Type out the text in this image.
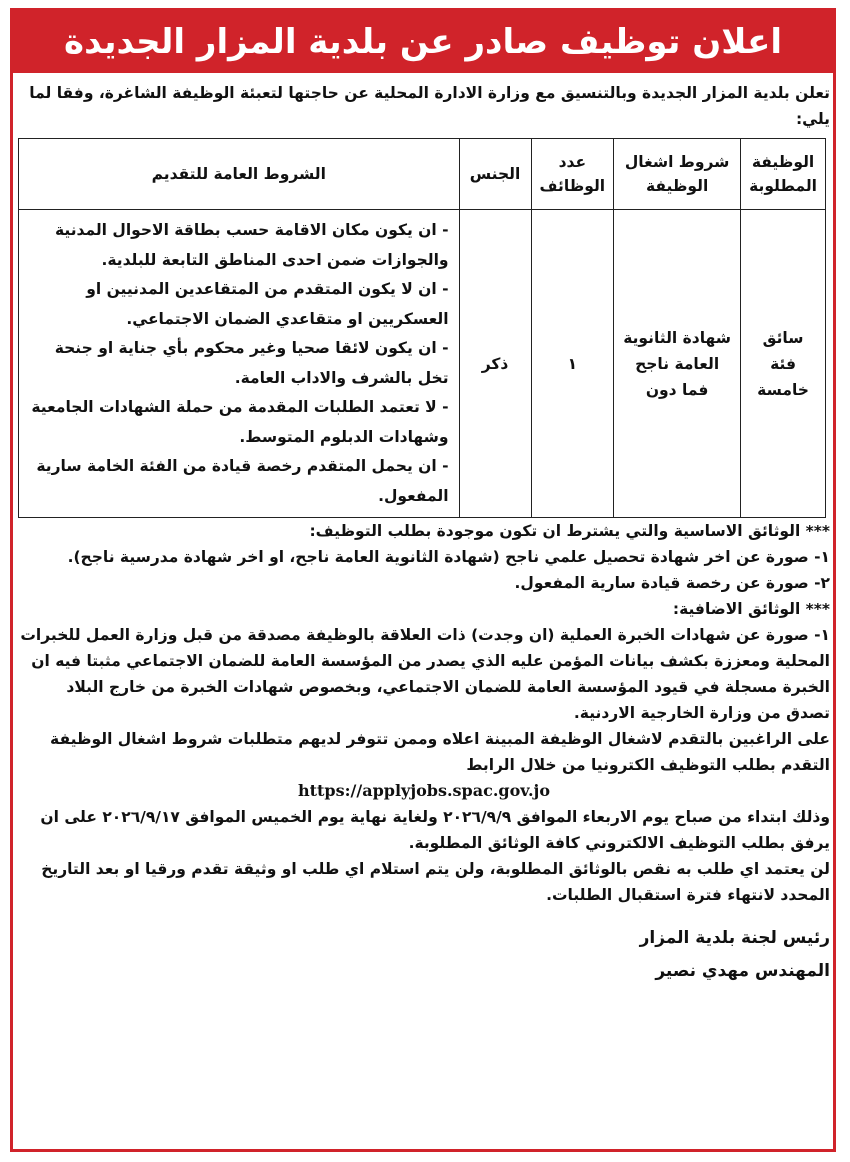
اعلان توظيف صادر عن بلدية المزار الجديدة

تعلن بلدية المزار الجديدة وبالتنسيق مع وزارة الادارة المحلية عن حاجتها لتعبئة الوظيفة الشاغرة، وفقا لما يلي:

الوظيفة المطلوبة	شروط اشغال الوظيفة	عدد الوظائف	الجنس	الشروط العامة للتقديم
سائق فئة خامسة	شهادة الثانوية العامة ناجح فما دون	١	ذكر	- ان يكون مكان الاقامة حسب بطاقة الاحوال المدنية والجوازات ضمن احدى المناطق التابعة للبلدية.
- ان لا يكون المتقدم من المتقاعدين المدنيين او العسكريين او متقاعدي الضمان الاجتماعي.
- ان يكون لائقا صحيا وغير محكوم بأي جناية او جنحة تخل بالشرف والاداب العامة.
- لا تعتمد الطلبات المقدمة من حملة الشهادات الجامعية وشهادات الدبلوم المتوسط.
- ان يحمل المتقدم رخصة قيادة من الفئة الخامة سارية المفعول.

*** الوثائق الاساسية والتي يشترط ان تكون موجودة بطلب التوظيف:

١- صورة عن اخر شهادة تحصيل علمي ناجح (شهادة الثانوية العامة ناجح، او اخر شهادة مدرسية ناجح).

٢- صورة عن رخصة قيادة سارية المفعول.

*** الوثائق الاضافية:

١- صورة عن شهادات الخبرة العملية (ان وجدت) ذات العلاقة بالوظيفة مصدقة من قبل وزارة العمل للخبرات المحلية ومعززة بكشف بيانات المؤمن عليه الذي يصدر من المؤسسة العامة للضمان الاجتماعي مثبتا فيه ان الخبرة مسجلة في قيود المؤسسة العامة للضمان الاجتماعي، وبخصوص شهادات الخبرة من خارج البلاد تصدق من وزارة الخارجية الاردنية.

على الراغبين بالتقدم لاشغال الوظيفة المبينة اعلاه وممن تتوفر لديهم متطلبات شروط اشغال الوظيفة التقدم بطلب التوظيف الكترونيا من خلال الرابط

https://applyjobs.spac.gov.jo

وذلك ابتداء من صباح يوم الاربعاء الموافق ٢٠٢٦/٩/٩ ولغاية نهاية يوم الخميس الموافق ٢٠٢٦/٩/١٧ على ان يرفق بطلب التوظيف الالكتروني كافة الوثائق المطلوبة.

لن يعتمد اي طلب به نقص بالوثائق المطلوبة، ولن يتم استلام اي طلب او وثيقة تقدم ورقيا او بعد التاريخ المحدد لانتهاء فترة استقبال الطلبات.

رئيس لجنة بلدية المزار
المهندس مهدي نصير
